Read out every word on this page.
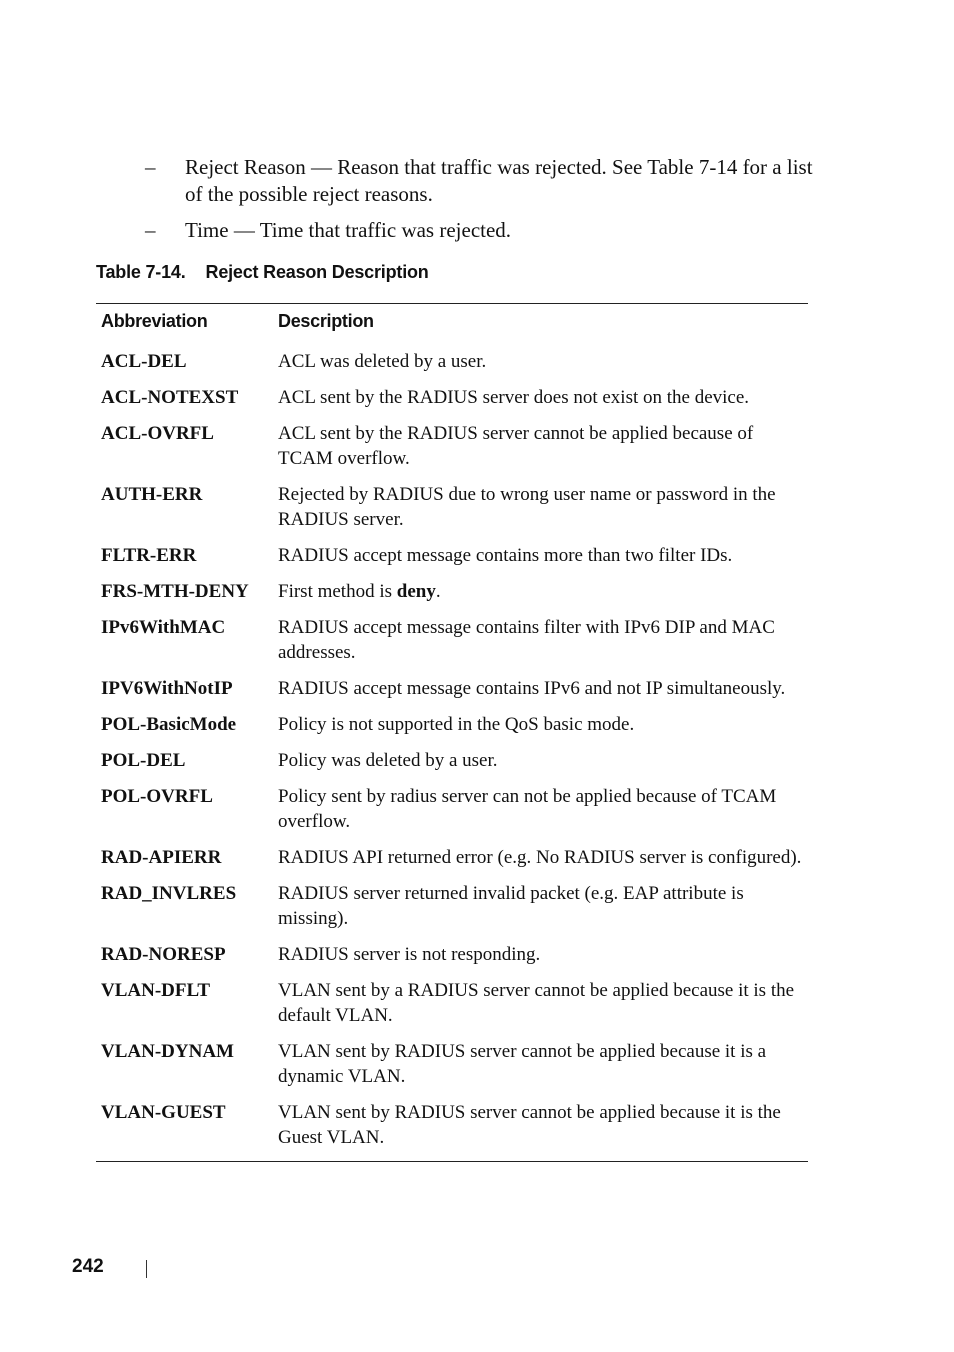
– Reject Reason — Reason that traffic was rejected. See Table 7-14 for a list of the possible reject reasons.
– Time — Time that traffic was rejected.
Table 7-14. Reject Reason Description
Abbreviation	Description
ACL-DEL	ACL was deleted by a user.
ACL-NOTEXST	ACL sent by the RADIUS server does not exist on the device.
ACL-OVRFL	ACL sent by the RADIUS server cannot be applied because of TCAM overflow.
AUTH-ERR	Rejected by RADIUS due to wrong user name or password in the RADIUS server.
FLTR-ERR	RADIUS accept message contains more than two filter IDs.
FRS-MTH-DENY	First method is deny.
IPv6WithMAC	RADIUS accept message contains filter with IPv6 DIP and MAC addresses.
IPV6WithNotIP	RADIUS accept message contains IPv6 and not IP simultaneously.
POL-BasicMode	Policy is not supported in the QoS basic mode.
POL-DEL	Policy was deleted by a user.
POL-OVRFL	Policy sent by radius server can not be applied because of TCAM overflow.
RAD-APIERR	RADIUS API returned error (e.g. No RADIUS server is configured).
RAD_INVLRES	RADIUS server returned invalid packet (e.g. EAP attribute is missing).
RAD-NORESP	RADIUS server is not responding.
VLAN-DFLT	VLAN sent by a RADIUS server cannot be applied because it is the default VLAN.
VLAN-DYNAM	VLAN sent by RADIUS server cannot be applied because it is a dynamic VLAN.
VLAN-GUEST	VLAN sent by RADIUS server cannot be applied because it is the Guest VLAN.
242
